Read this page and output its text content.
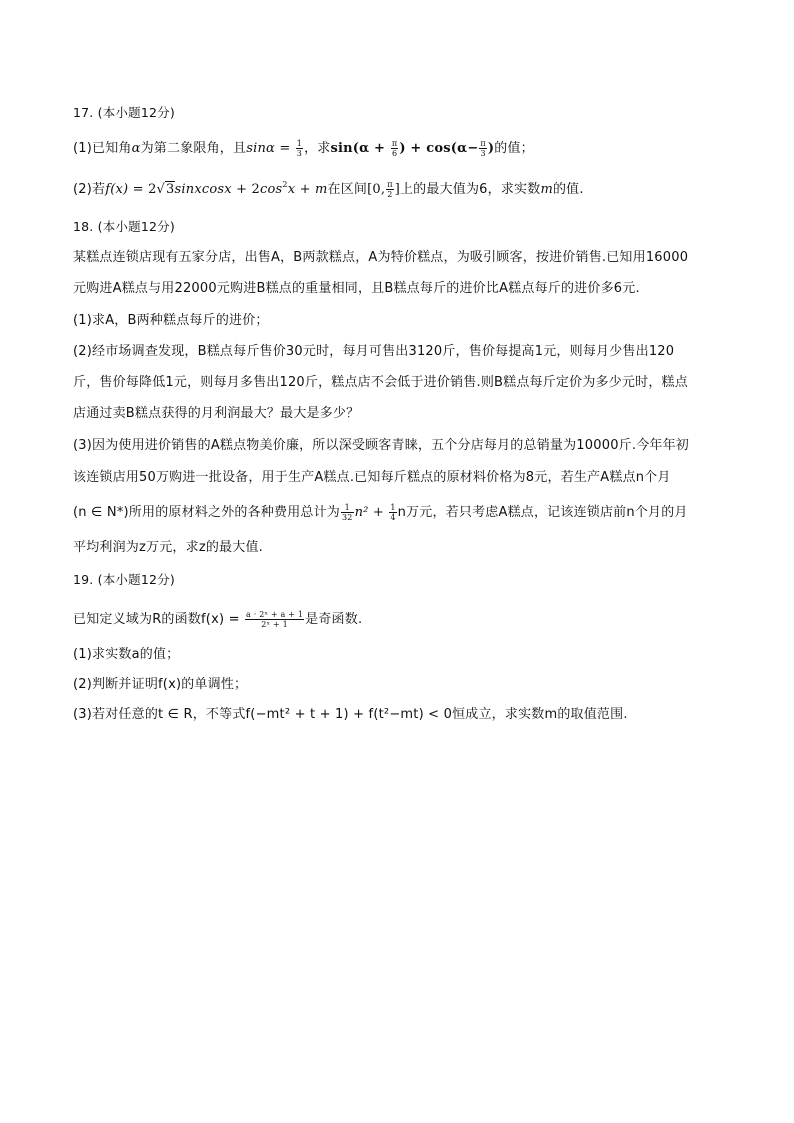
17. (本小题12分)
(1)已知角α为第二象限角，且$\sin\alpha = \frac{1}{3}$ ，求$\sin(\alpha + \frac{\pi}{6}$ ) + $\cos(\alpha- \frac{\pi}{3}$ )的值；
(2)若f(x) = 2√3sinxcosx + $2\cos^2x + m$在区间[0, $\frac{\pi}{2}$ ]上的最大值为6，求实数m的值.
18. (本小题12分)
某糕点连锁店现有五家分店，出售A，B两款糕点，A为特价糕点，为吸引顾客，按进价销售.已知用16000
元购进A糕点与用22000元购进B糕点的重量相同，且B糕点每斤的进价比A糕点每斤的进价多6元.
(1)求A，B两种糕点每斤的进价；
(2)经市场调查发现，B糕点每斤售价30元时，每月可售出3120斤，售价每提高1元，则每月少售出120
斤，售价每降低1元，则每月多售出120斤，糕点店不会低于进价销售.则B糕点每斤定价为多少元时，糕点
店通过卖B糕点获得的月利润最大？最大是多少？
(3)因为使用进价销售的A糕点物美价廉，所以深受顾客青睐，五个分店每月的总销量为10000斤.今年年初
该连锁店用50万购进一批设备，用于生产A糕点.已知每斤糕点的原材料价格为8元，若生产A糕点n个月
(n ∈ N*)所用的原材料之外的各种费用总计为 $\frac{1}{32} n^2 + \frac{1}{4}$ n万元，若只考虑A糕点，记该连锁店前n个月的月
平均利润为z万元，求z的最大值.
19. (本小题12分)
已知定义域为R的函数$f(x) = \frac{\text{a · 2ˣ + a + 1}}{\text{2ˣ + 1}}$ 是奇函数.
(1)求实数a的值；
(2)判断并证明f(x)的单调性；
(3)若对任意的t ∈ R，不等式f(−mt² + t + 1) + f(t²−mt) < 0恒成立，求实数m的取值范围.
